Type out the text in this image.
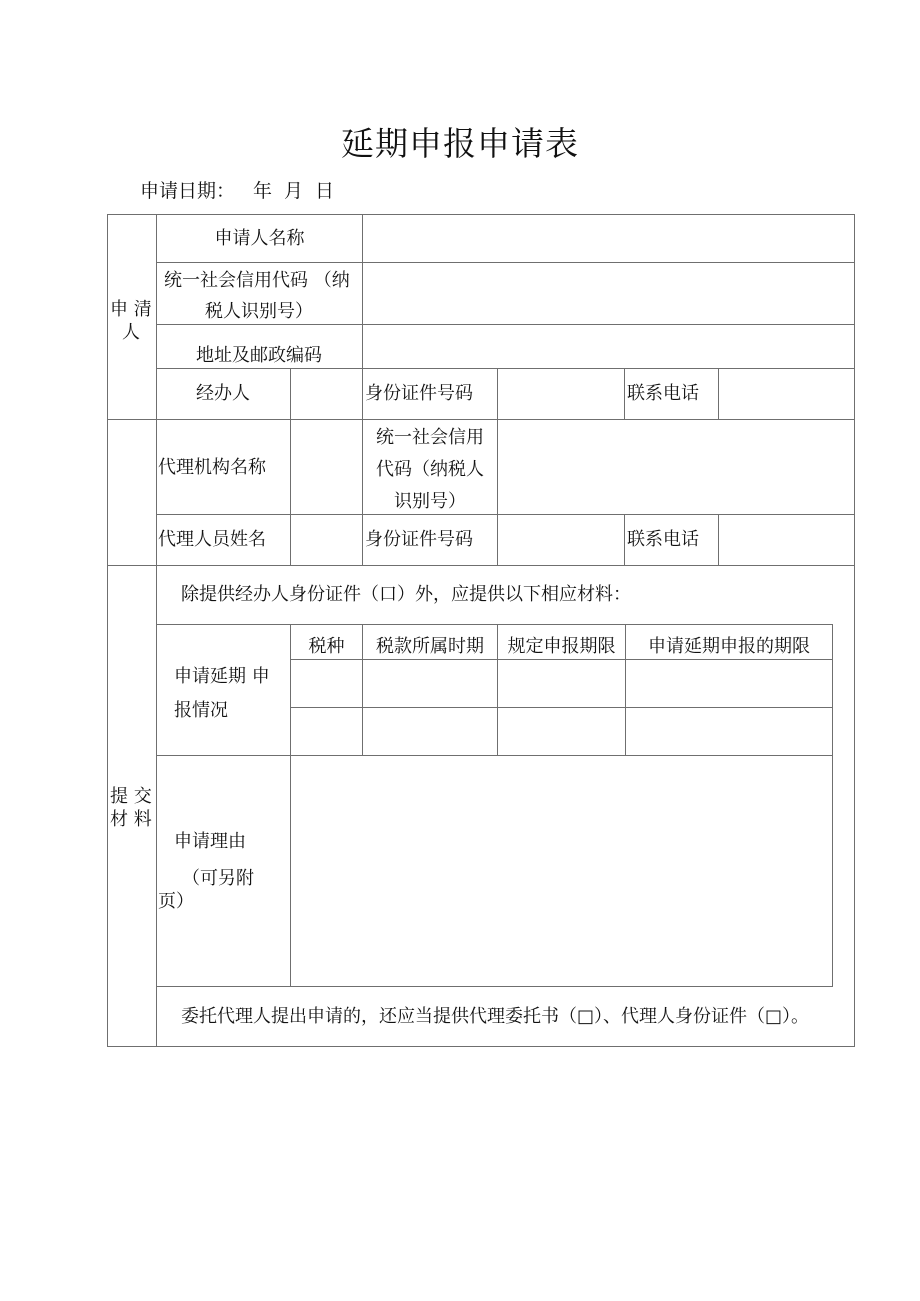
延期申报申请表
申请日期： 年 月 日
申 清
人
申请人名称
统一社会信用代码 （纳
税人识别号）
地址及邮政编码
经办人	身份证件号码	联系电话
代理机构名称
统一社会信用
代码（纳税人
识别号）
代理人员姓名	身份证件号码	联系电话
提 交
材 料
除提供经办人身份证件（口）外，应提供以下相应材料：
税种	税款所属时期	规定申报期限	申请延期申报的期限
申请延期 申
报情况
申请理由
（可另附
页）
委托代理人提出申请的，还应当提供代理委托书（□）、代理人身份证件（□）。
